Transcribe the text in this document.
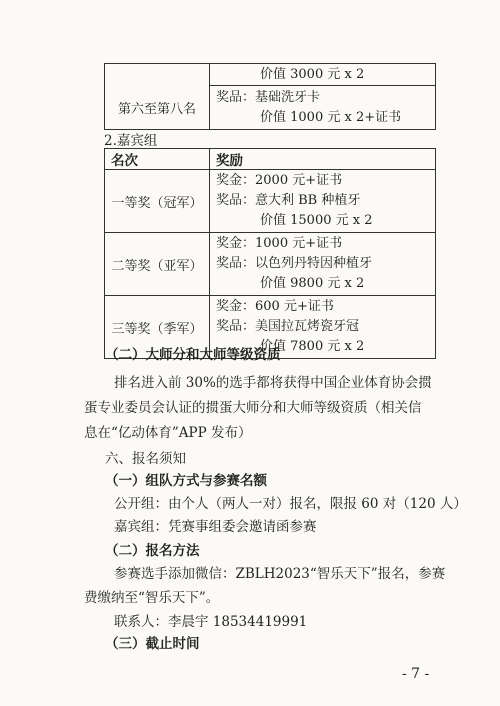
	价值 3000 元 x 2

第六至第八名	奖品：基础洗牙卡
价值 1000 元 x 2+证书
2.嘉宾组
名次	奖励
一等奖（冠军）	奖金：2000 元+证书
奖品：意大利 BB 种植牙
价值 15000 元 x 2

二等奖（亚军）	奖金：1000 元+证书
奖品：以色列丹特因种植牙
价值 9800 元 x 2

三等奖（季军）	奖金：600 元+证书
奖品：美国拉瓦烤瓷牙冠
价值 7800 元 x 2
（二）大师分和大师等级资质
排名进入前 30%的选手都将获得中国企业体育协会掼
蛋专业委员会认证的掼蛋大师分和大师等级资质（相关信
息在“亿动体育”APP 发布）
六、报名须知
（一）组队方式与参赛名额
公开组：由个人（两人一对）报名，限报 60 对（120 人）
嘉宾组：凭赛事组委会邀请函参赛
（二）报名方法
参赛选手添加微信：ZBLH2023“智乐天下”报名，参赛
费缴纳至“智乐天下”。
联系人：李晨宇 18534419991
（三）截止时间
- 7 -
